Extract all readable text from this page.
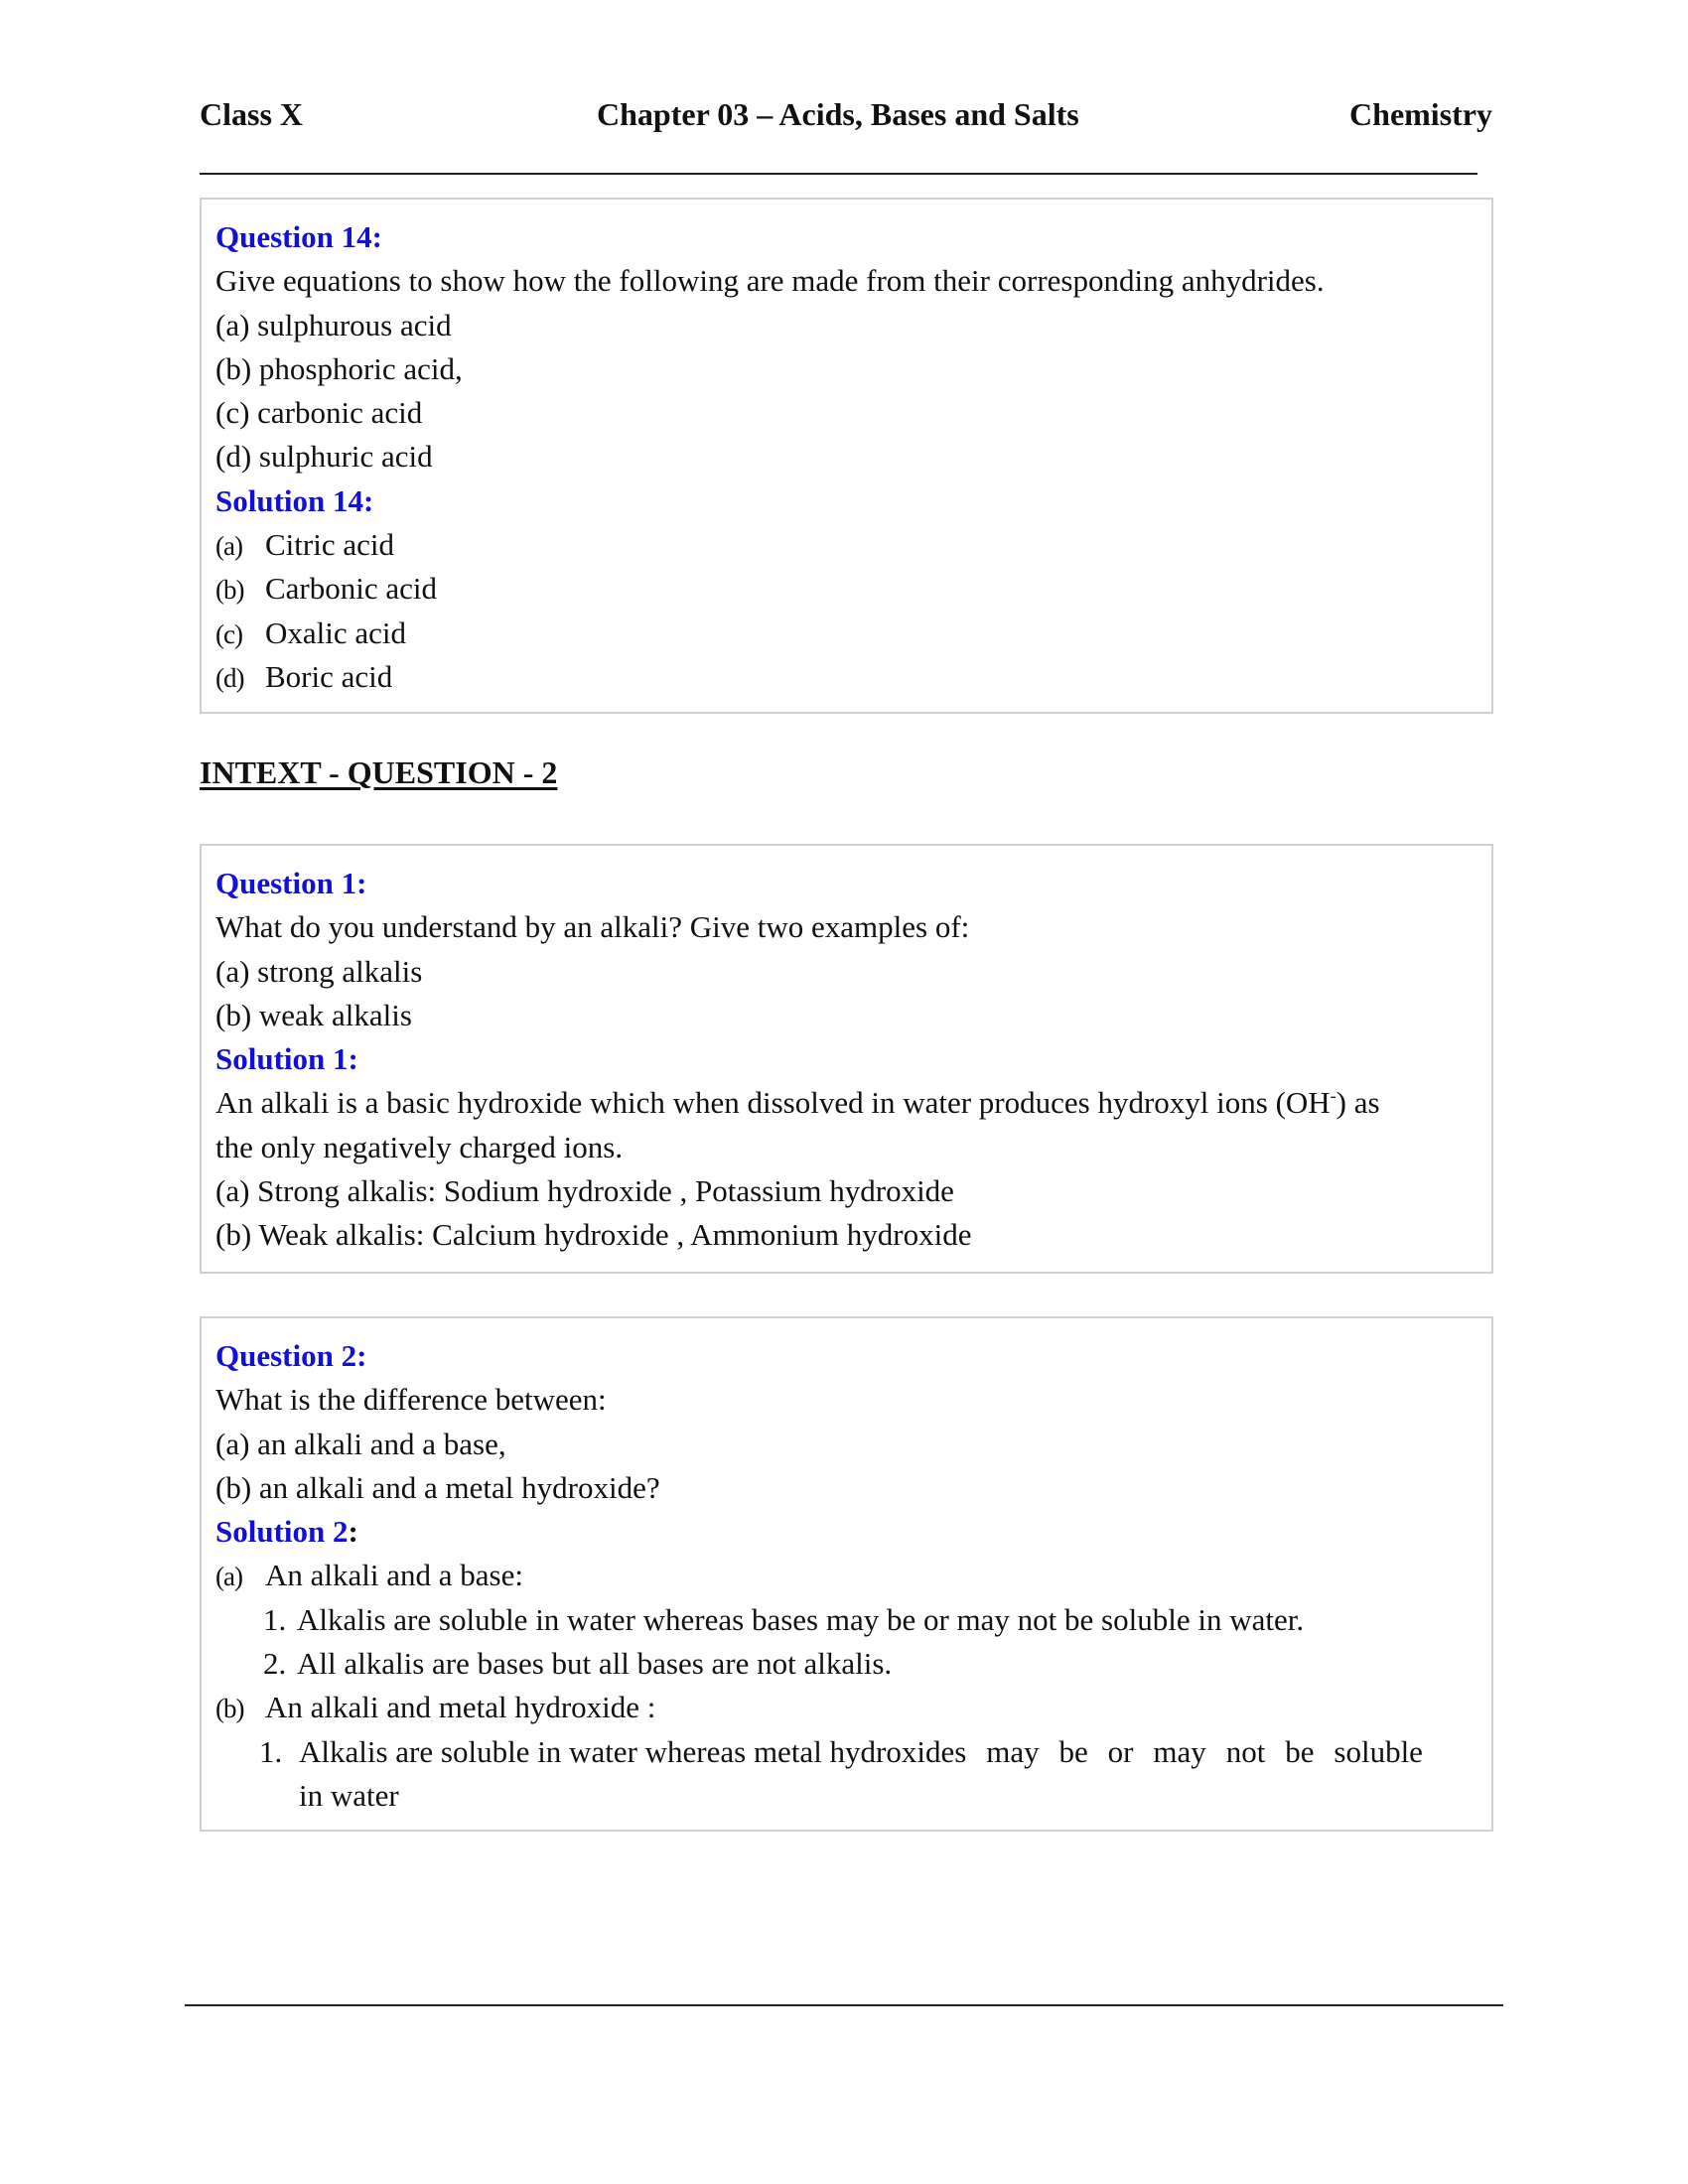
Class X	Chapter 03 – Acids, Bases and Salts	Chemistry
Question 14:
Give equations to show how the following are made from their corresponding anhydrides.
(a) sulphurous acid
(b) phosphoric acid,
(c) carbonic acid
(d) sulphuric acid
Solution 14:
(a) Citric acid
(b) Carbonic acid
(c) Oxalic acid
(d) Boric acid
INTEXT - QUESTION - 2
Question 1:
What do you understand by an alkali? Give two examples of:
(a) strong alkalis
(b) weak alkalis
Solution 1:
An alkali is a basic hydroxide which when dissolved in water produces hydroxyl ions (OH-) as
the only negatively charged ions.
(a) Strong alkalis: Sodium hydroxide , Potassium hydroxide
(b) Weak alkalis: Calcium hydroxide , Ammonium hydroxide
Question 2:
What is the difference between:
(a) an alkali and a base,
(b) an alkali and a metal hydroxide?
Solution 2:
(a) An alkali and a base:
1. Alkalis are soluble in water whereas bases may be or may not be soluble in water.
2. All alkalis are bases but all bases are not alkalis.
(b) An alkali and metal hydroxide :
1. Alkalis are soluble in water whereas metal hydroxides may be or may not be soluble
in water
